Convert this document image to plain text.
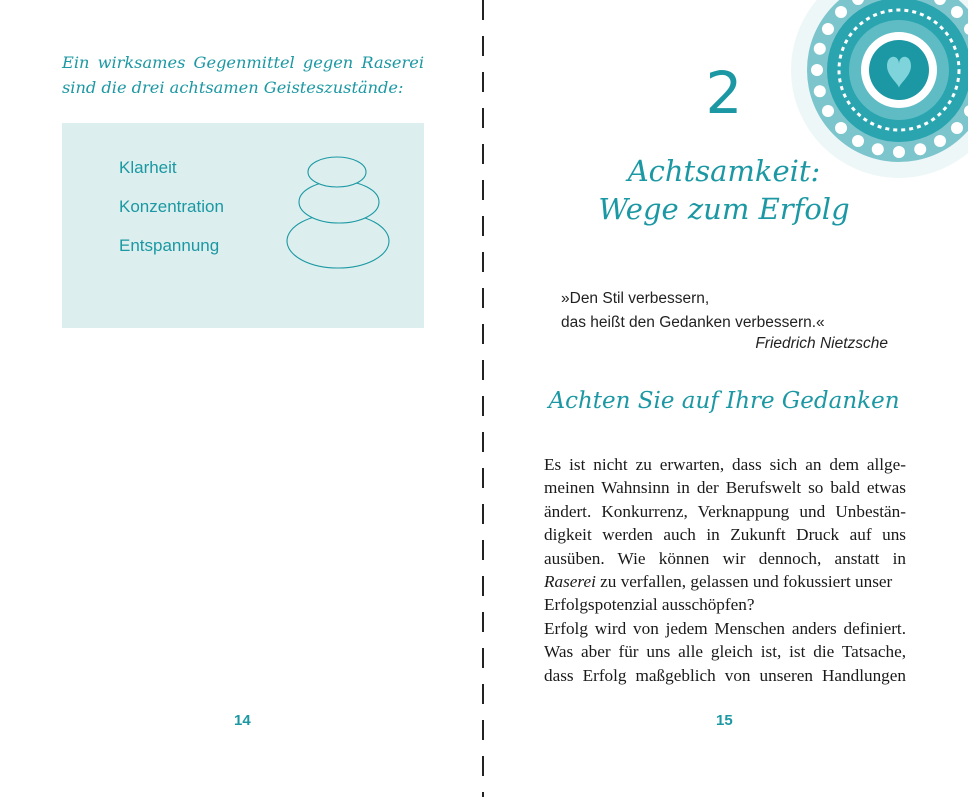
Ein wirksames Gegenmittel gegen Raserei sind die drei achtsamen Geisteszustände:

Klarheit
Konzentration
Entspannung
14
2
Achtsamkeit:
Wege zum Erfolg
»Den Stil verbessern,
das heißt den Gedanken verbessern.«
Friedrich Nietzsche
Achten Sie auf Ihre Gedanken
Es ist nicht zu erwarten, dass sich an dem allge-
meinen Wahnsinn in der Berufswelt so bald etwas
ändert. Konkurrenz, Verknappung und Unbestän-
digkeit werden auch in Zukunft Druck auf uns
ausüben. Wie können wir dennoch, anstatt in
Raserei zu verfallen, gelassen und fokussiert unser
Erfolgspotenzial ausschöpfen?
Erfolg wird von jedem Menschen anders definiert.
Was aber für uns alle gleich ist, ist die Tatsache,
dass Erfolg maßgeblich von unseren Handlungen
15
